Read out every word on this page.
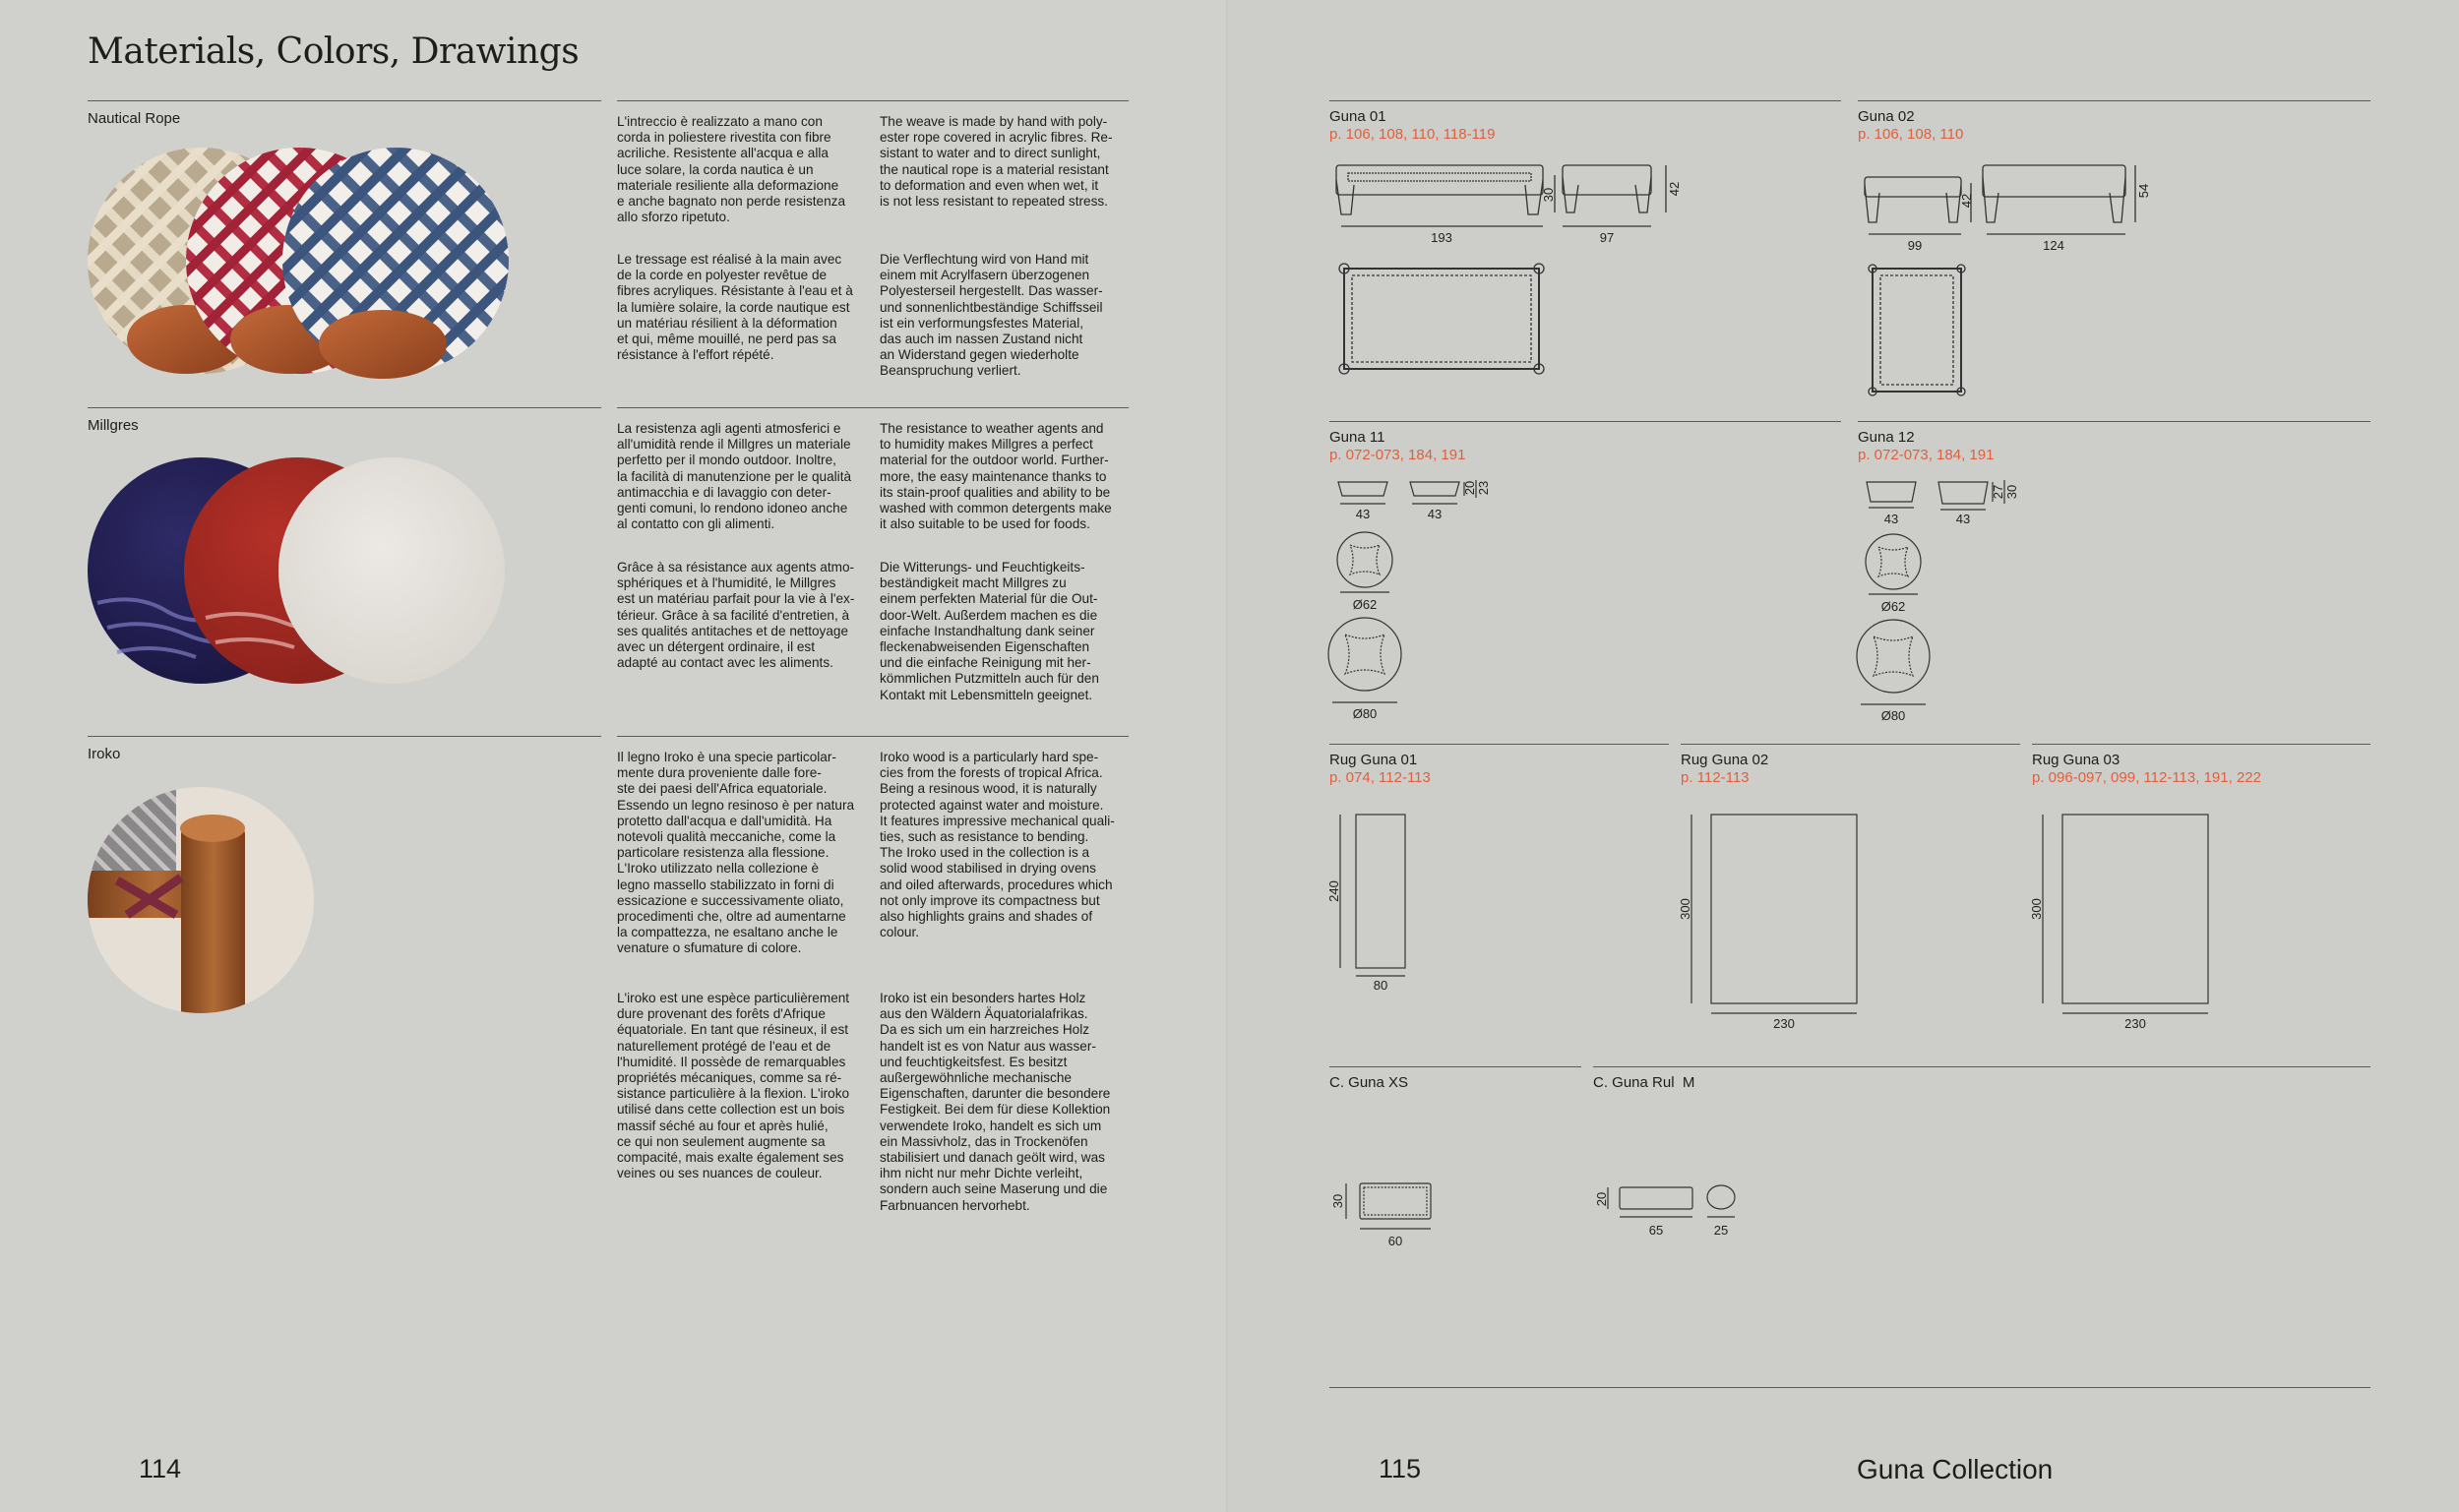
Materials, Colors, Drawings
Nautical Rope	L'intreccio è realizzato a mano con
corda in poliestere rivestita con fibre
acriliche. Resistente all'acqua e alla
luce solare, la corda nautica è un
materiale resiliente alla deformazione
e anche bagnato non perde resistenza
allo sforzo ripetuto.
The weave is made by hand with poly-
ester rope covered in acrylic fibres. Re-
sistant to water and to direct sunlight,
the nautical rope is a material resistant
to deformation and even when wet, it
is not less resistant to repeated stress.
Le tressage est réalisé à la main avec
de la corde en polyester revêtue de
fibres acryliques. Résistante à l'eau et à
la lumière solaire, la corde nautique est
un matériau résilient à la déformation
et qui, même mouillé, ne perd pas sa
résistance à l'effort répété.
Die Verflechtung wird von Hand mit
einem mit Acrylfasern überzogenen
Polyesterseil hergestellt. Das wasser-
und sonnenlichtbeständige Schiffsseil
ist ein verformungsfestes Material,
das auch im nassen Zustand nicht
an Widerstand gegen wiederholte
Beanspruchung verliert.
Millgres	La resistenza agli agenti atmosferici e
all'umidità rende il Millgres un materiale
perfetto per il mondo outdoor. Inoltre,
la facilità di manutenzione per le qualità
antimacchia e di lavaggio con deter-
genti comuni, lo rendono idoneo anche
al contatto con gli alimenti.
The resistance to weather agents and
to humidity makes Millgres a perfect
material for the outdoor world. Further-
more, the easy maintenance thanks to
its stain-proof qualities and ability to be
washed with common detergents make
it also suitable to be used for foods.
Grâce à sa résistance aux agents atmo-
sphériques et à l'humidité, le Millgres
est un matériau parfait pour la vie à l'ex-
térieur. Grâce à sa facilité d'entretien, à
ses qualités antitaches et de nettoyage
avec un détergent ordinaire, il est
adapté au contact avec les aliments.
Die Witterungs- und Feuchtigkeits-
beständigkeit macht Millgres zu
einem perfekten Material für die Out-
door-Welt. Außerdem machen es die
einfache Instandhaltung dank seiner
fleckenabweisenden Eigenschaften
und die einfache Reinigung mit her-
kömmlichen Putzmitteln auch für den
Kontakt mit Lebensmitteln geeignet.
Iroko	Il legno Iroko è una specie particolar-
mente dura proveniente dalle fore-
ste dei paesi dell'Africa equatoriale.
Essendo un legno resinoso è per natura
protetto dall'acqua e dall'umidità. Ha
notevoli qualità meccaniche, come la
particolare resistenza alla flessione.
L'Iroko utilizzato nella collezione è
legno massello stabilizzato in forni di
essicazione e successivamente oliato,
procedimenti che, oltre ad aumentarne
la compattezza, ne esaltano anche le
venature o sfumature di colore.
Iroko wood is a particularly hard spe-
cies from the forests of tropical Africa.
Being a resinous wood, it is naturally
protected against water and moisture.
It features impressive mechanical quali-
ties, such as resistance to bending.
The Iroko used in the collection is a
solid wood stabilised in drying ovens
and oiled afterwards, procedures which
not only improve its compactness but
also highlights grains and shades of
colour.
L'iroko est une espèce particulièrement
dure provenant des forêts d'Afrique
équatoriale. En tant que résineux, il est
naturellement protégé de l'eau et de
l'humidité. Il possède de remarquables
propriétés mécaniques, comme sa ré-
sistance particulière à la flexion. L'iroko
utilisé dans cette collection est un bois
massif séché au four et après hulié,
ce qui non seulement augmente sa
compacité, mais exalte également ses
veines ou ses nuances de couleur.
Iroko ist ein besonders hartes Holz
aus den Wäldern Äquatorialafrikas.
Da es sich um ein harzreiches Holz
handelt ist es von Natur aus wasser-
und feuchtigkeitsfest. Es besitzt
außergewöhnliche mechanische
Eigenschaften, darunter die besondere
Festigkeit. Bei dem für diese Kollektion
verwendete Iroko, handelt es sich um
ein Massivholz, das in Trockenöfen
stabilisiert und danach geölt wird, was
ihm nicht nur mehr Dichte verleiht,
sondern auch seine Maserung und die
Farbnuancen hervorhebt.
114
Guna 01
p. 106, 108, 110, 118-119
193
30
97
42
Guna 02
p. 106, 108, 110
99
42
124
54
Guna 11
p. 072-073, 184, 191
43	43
20 23
Ø62
Ø80
Guna 12
p. 072-073, 184, 191
43	43
27 30
Ø62
Ø80
Rug Guna 01
p. 074, 112-113
240
80
Rug Guna 02
p. 112-113
300
230
Rug Guna 03
p. 096-097, 099, 112-113, 191, 222
300
230
C. Guna XS
30
60
C. Guna Rul  M
20
65	25
115	Guna Collection
